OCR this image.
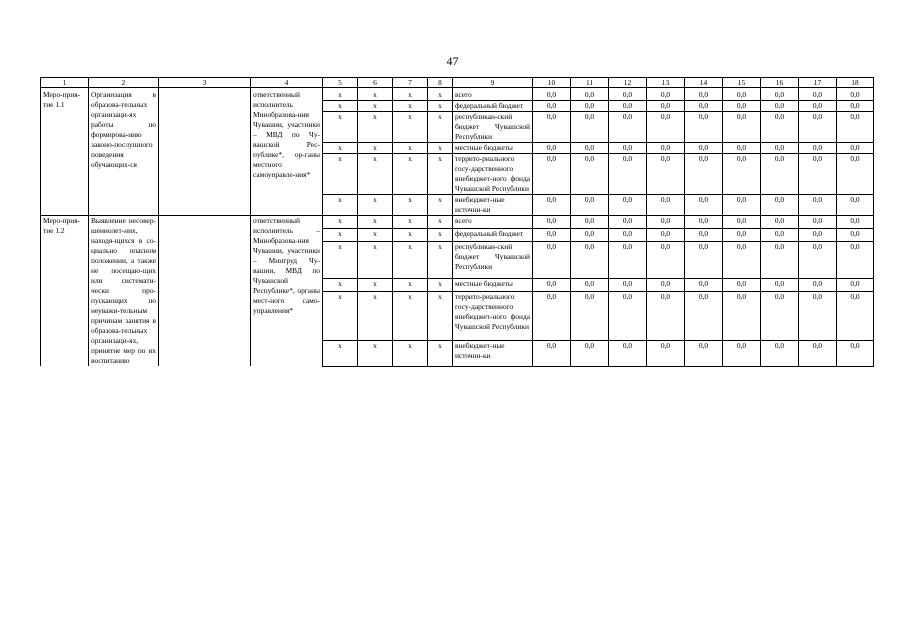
47
1	2	3	4	5	6	7	8	9	10	11	12	13	14	15	16	17	18

Меро-прия-тие 1.1	Организация в образова-тельных организаци-ях работы по формирова-нию законо-послушного поведения обучающих-ся		ответственный исполнитель Минобразова-ния Чувашии, участники – МВД по Чу-вашской Рес-публике*, ор-ганы местного самоуправле-ния*	х	х	х	х	всего	0,0	0,0	0,0	0,0	0,0	0,0	0,0	0,0	0,0
				х	х	х	х	федеральный бюджет	0,0	0,0	0,0	0,0	0,0	0,0	0,0	0,0	0,0
				х	х	х	х	республикан-ский бюджет Чувашской Республики	0,0	0,0	0,0	0,0	0,0	0,0	0,0	0,0	0,0
				х	х	х	х	местные бюджеты	0,0	0,0	0,0	0,0	0,0	0,0	0,0	0,0	0,0
				х	х	х	х	террито-риального госу-дарственного внебюджет-ного фонда Чувашской Республики	0,0	0,0	0,0	0,0	0,0	0,0	0,0	0,0	0,0
				х	х	х	х	внебюджет-ные источни-ки	0,0	0,0	0,0	0,0	0,0	0,0	0,0	0,0	0,0
Меро-прия-тие 1.2	Выявление несовер-шеннолет-них, находя-щихся в со-циально опасном положении, а также не посещаю-щих или системати-чески про-пускающих по неуважи-тельным причинам занятия в образова-тельных организаци-ях, принятие мер по их воспитанию		ответственный исполнитель – Минобразова-ния Чувашии, участники – Минтруд Чу-вашии, МВД по Чувашской Республике*, органы мест-ного само-управления*	х	х	х	х	всего	0,0	0,0	0,0	0,0	0,0	0,0	0,0	0,0	0,0
				х	х	х	х	федеральный бюджет	0,0	0,0	0,0	0,0	0,0	0,0	0,0	0,0	0,0
				х	х	х	х	республикан-ский бюджет Чувашской Республики	0,0	0,0	0,0	0,0	0,0	0,0	0,0	0,0	0,0
				х	х	х	х	местные бюджеты	0,0	0,0	0,0	0,0	0,0	0,0	0,0	0,0	0,0
				х	х	х	х	террито-риального госу-дарственного внебюджет-ного фонда Чувашской Республики	0,0	0,0	0,0	0,0	0,0	0,0	0,0	0,0	0,0
				х	х	х	х	внебюджет-ные источни-ки	0,0	0,0	0,0	0,0	0,0	0,0	0,0	0,0	0,0
